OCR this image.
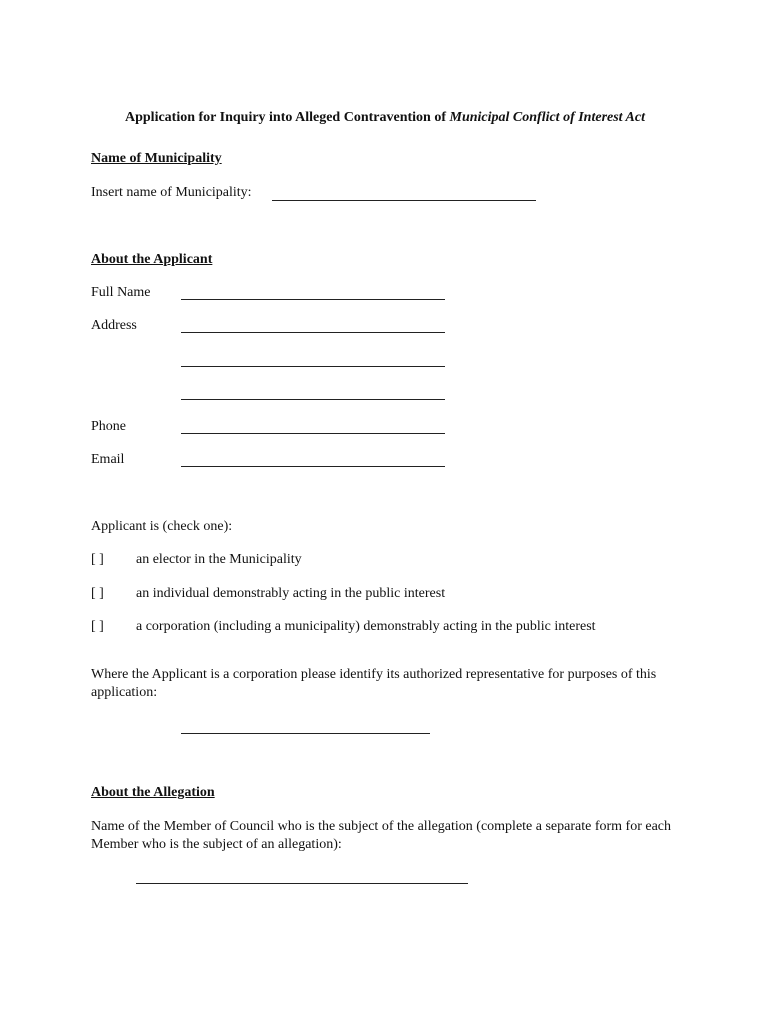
Application for Inquiry into Alleged Contravention of Municipal Conflict of Interest Act
Name of Municipality
Insert name of Municipality:
About the Applicant
Full Name
Address
Phone
Email
Applicant is (check one):
[ ] an elector in the Municipality
[ ] an individual demonstrably acting in the public interest
[ ] a corporation (including a municipality) demonstrably acting in the public interest
Where the Applicant is a corporation please identify its authorized representative for purposes of this application:
About the Allegation
Name of the Member of Council who is the subject of the allegation (complete a separate form for each Member who is the subject of an allegation):
